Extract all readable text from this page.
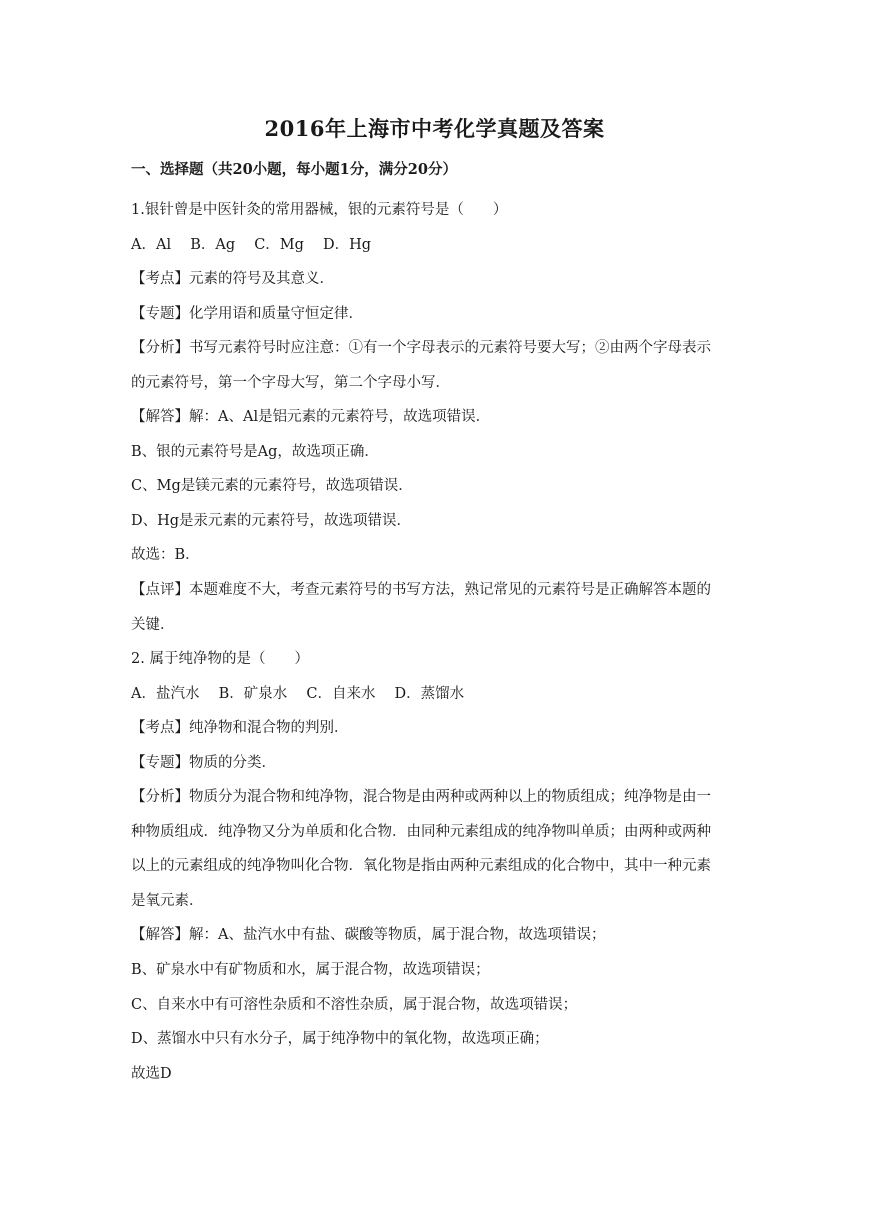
2016年上海市中考化学真题及答案
一、选择题（共20小题，每小题1分，满分20分）
1.银针曾是中医针灸的常用器械，银的元素符号是（　　）
A．Al　 B．Ag　 C．Mg　 D．Hg
【考点】元素的符号及其意义．
【专题】化学用语和质量守恒定律．
【分析】书写元素符号时应注意：①有一个字母表示的元素符号要大写；②由两个字母表示
的元素符号，第一个字母大写，第二个字母小写．
【解答】解：A、Al是铝元素的元素符号，故选项错误．
B、银的元素符号是Ag，故选项正确．
C、Mg是镁元素的元素符号，故选项错误．
D、Hg是汞元素的元素符号，故选项错误．
故选：B．
【点评】本题难度不大，考查元素符号的书写方法，熟记常见的元素符号是正确解答本题的
关键．
2. 属于纯净物的是（　　）
A．盐汽水　 B．矿泉水　 C．自来水　 D．蒸馏水
【考点】纯净物和混合物的判别．
【专题】物质的分类．
【分析】物质分为混合物和纯净物，混合物是由两种或两种以上的物质组成；纯净物是由一
种物质组成．纯净物又分为单质和化合物．由同种元素组成的纯净物叫单质；由两种或两种
以上的元素组成的纯净物叫化合物．氧化物是指由两种元素组成的化合物中，其中一种元素
是氧元素．
【解答】解：A、盐汽水中有盐、碳酸等物质，属于混合物，故选项错误；
B、矿泉水中有矿物质和水，属于混合物，故选项错误；
C、自来水中有可溶性杂质和不溶性杂质，属于混合物，故选项错误；
D、蒸馏水中只有水分子，属于纯净物中的氧化物，故选项正确；
故选D
